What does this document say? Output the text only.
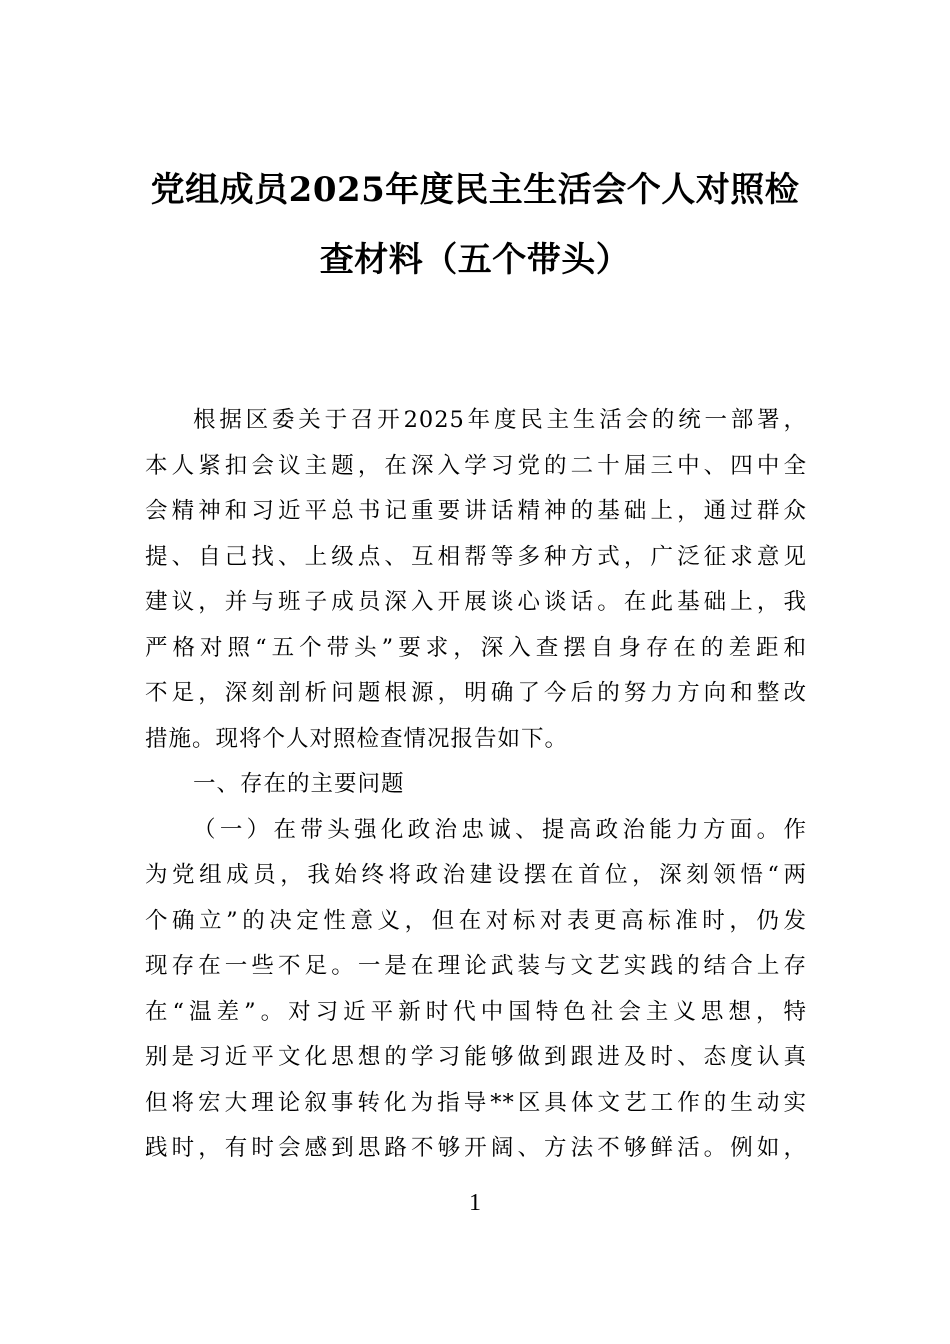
党组成员2025年度民主生活会个人对照检
查材料（五个带头）
根据区委关于召开2025年度民主生活会的统一部署，
本人紧扣会议主题，在深入学习党的二十届三中、四中全
会精神和习近平总书记重要讲话精神的基础上，通过群众
提、自己找、上级点、互相帮等多种方式，广泛征求意见
建议，并与班子成员深入开展谈心谈话。在此基础上，我
严格对照“五个带头”要求，深入查摆自身存在的差距和
不足，深刻剖析问题根源，明确了今后的努力方向和整改
措施。现将个人对照检查情况报告如下。
一、存在的主要问题
（一）在带头强化政治忠诚、提高政治能力方面。作
为党组成员，我始终将政治建设摆在首位，深刻领悟“两
个确立”的决定性意义，但在对标对表更高标准时，仍发
现存在一些不足。一是在理论武装与文艺实践的结合上存
在“温差”。对习近平新时代中国特色社会主义思想，特
别是习近平文化思想的学习能够做到跟进及时、态度认真
但将宏大理论叙事转化为指导**区具体文艺工作的生动实
践时，有时会感到思路不够开阔、方法不够鲜活。例如，
1
